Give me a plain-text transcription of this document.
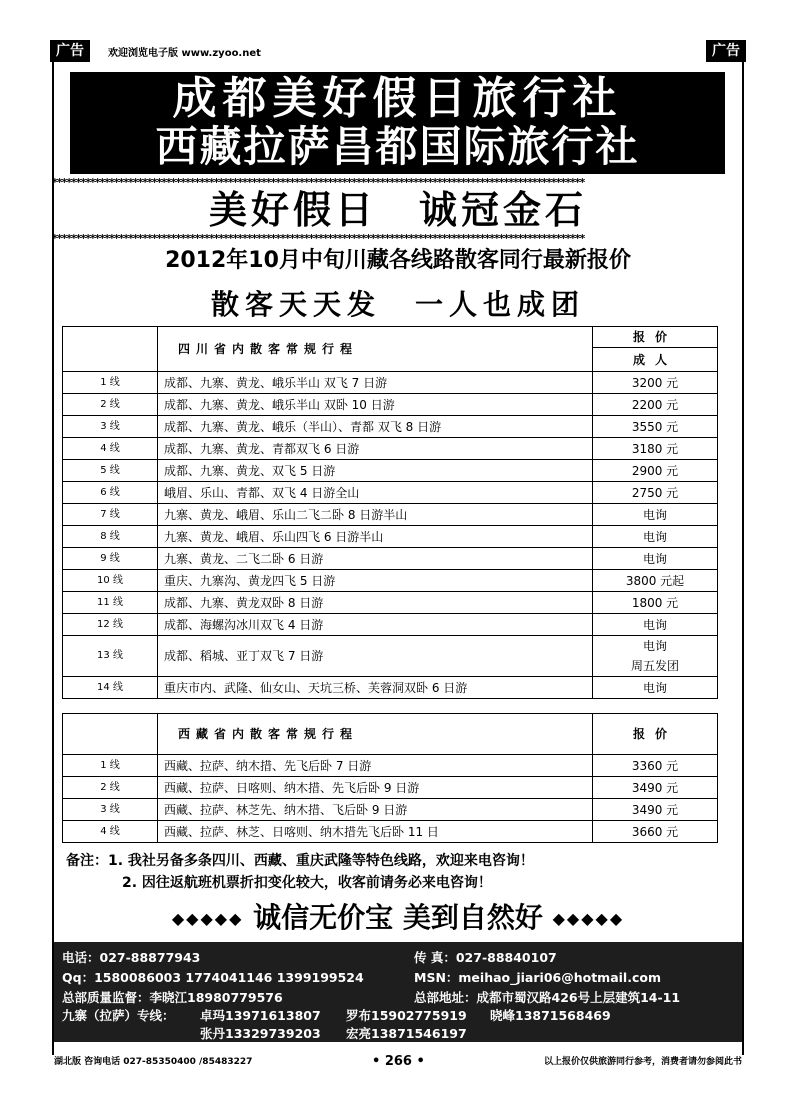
广告	欢迎浏览电子版 www.zyoo.net	广告
成都美好假日旅行社
西藏拉萨昌都国际旅行社
****************************************************************************************************************
美好假日　诚冠金石
****************************************************************************************************************
2012年10月中旬川藏各线路散客同行最新报价
散客天天发　一人也成团
	四川省内散客常规行程	报价
		成人
1 线	成都、九寨、黄龙、峨乐半山 双飞 7 日游	3200 元

2 线	成都、九寨、黄龙、峨乐半山 双卧 10 日游	2200 元

3 线	成都、九寨、黄龙、峨乐（半山）、青都 双飞 8 日游	3550 元

4 线	成都、九寨、黄龙、青都双飞 6 日游	3180 元

5 线	成都、九寨、黄龙、双飞 5 日游	2900 元

6 线	峨眉、乐山、青都、双飞 4 日游全山	2750 元

7 线	九寨、黄龙、峨眉、乐山二飞二卧 8 日游半山	电询

8 线	九寨、黄龙、峨眉、乐山四飞 6 日游半山	电询

9 线	九寨、黄龙、二飞二卧 6 日游	电询

10 线	重庆、九寨沟、黄龙四飞 5 日游	3800 元起

11 线	成都、九寨、黄龙双卧 8 日游	1800 元

12 线	成都、海螺沟冰川双飞 4 日游	电询

13 线	成都、稻城、亚丁双飞 7 日游	电询
周五发团

14 线	重庆市内、武隆、仙女山、天坑三桥、芙蓉洞双卧 6 日游	电询
	西藏省内散客常规行程	报价
1 线	西藏、拉萨、纳木措、先飞后卧 7 日游	3360 元

2 线	西藏、拉萨、日喀则、纳木措、先飞后卧 9 日游	3490 元

3 线	西藏、拉萨、林芝先、纳木措、飞后卧 9 日游	3490 元

4 线	西藏、拉萨、林芝、日喀则、纳木措先飞后卧 11 日	3660 元
备注：1. 我社另备多条四川、西藏、重庆武隆等特色线路，欢迎来电咨询！
2. 因往返航班机票折扣变化较大，收客前请务必来电咨询！
◆◆◆◆◆ 诚信无价宝 美到自然好 ◆◆◆◆◆
电话：027-88877943	传 真：027-88840107
Qq：1580086003 1774041146 1399199524	MSN：meihao_jiari06@hotmail.com
总部质量监督：李晓江18980779576	总部地址：成都市蜀汉路426号上层建筑14-11
九寨（拉萨）专线： 卓玛13971613807 罗布15902775919 晓峰13871568469
张丹13329739203 宏亮13871546197
湖北版 咨询电话 027-85350400 /85483227	• 266 •	以上报价仅供旅游同行参考，消费者请勿参阅此书
